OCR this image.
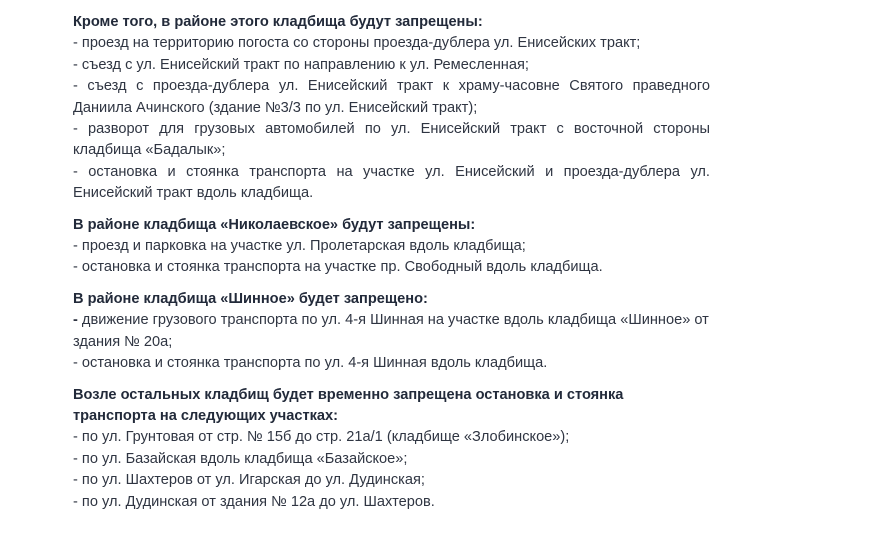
Кроме того, в районе этого кладбища будут запрещены:
- проезд на территорию погоста со стороны проезда-дублера ул. Енисейских тракт;
- съезд с ул. Енисейский тракт по направлению к ул. Ремесленная;
- съезд с проезда-дублера ул. Енисейский тракт к храму-часовне Святого праведного Даниила Ачинского (здание №3/3 по ул. Енисейский тракт);
- разворот для грузовых автомобилей по ул. Енисейский тракт с восточной стороны кладбища «Бадалык»;
- остановка и стоянка транспорта на участке ул. Енисейский и проезда-дублера ул. Енисейский тракт вдоль кладбища.
В районе кладбища «Николаевское» будут запрещены:
- проезд и парковка на участке ул. Пролетарская вдоль кладбища;
- остановка и стоянка транспорта на участке пр. Свободный вдоль кладбища.
В районе кладбища «Шинное» будет запрещено:
- движение грузового транспорта по ул. 4-я Шинная на участке вдоль кладбища «Шинное» от здания № 20а;
- остановка и стоянка транспорта по ул. 4-я Шинная вдоль кладбища.
Возле остальных кладбищ будет временно запрещена остановка и стоянка транспорта на следующих участках:
- по ул. Грунтовая от стр. № 15б до стр. 21а/1 (кладбище «Злобинское»);
- по ул. Базайская вдоль кладбища «Базайское»;
- по ул. Шахтеров от ул. Игарская до ул. Дудинская;
- по ул. Дудинская от здания № 12а до ул. Шахтеров.
